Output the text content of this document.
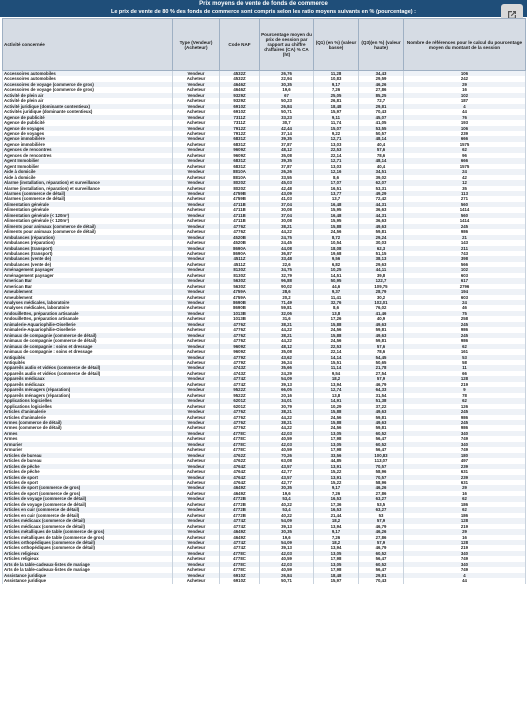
Prix moyens de vente de fonds de commerce
Le prix de vente de 80 % des fonds de commerce sont compris selon les ratio moyens suivants en % (pourcentage) :
Activité concernée	Type (Vendeur) (Acheteur)	Code NAF	Pourcentage moyen du prix de session par rapport au chiffre d'affaires (CA) % CA (ht)	(Q1) (en %) (valeur basse)	(Q3)(en %) (valeur haute)	Nombre de références pour le calcul du pourcentage moyen du montant de la session
Accessoires automobiles	Vendeur	4532Z	26,76	11,28	34,43	106
Accessoires automobiles	Acheteur	4532Z	22,94	10,83	29,59	242
Accessoires de voyage (commerce de gros)	Vendeur	4646Z	30,35	9,17	46,26	29
Accessoires de voyage (commerce de gros)	Acheteur	4646Z	19,6	7,26	27,86	16
Activité de plein air	Vendeur	9329Z	67	25,05	85,25	102
Activité de plein air	Acheteur	9329Z	50,23	26,81	72,7	187
Activité juridique (dominante contentieux)	Vendeur	6910Z	26,84	18,48	29,81	4
Activités juridique (dominante contentieux)	Acheteur	6910Z	50,71	15,97	70,43	44
Agence de publicité	Vendeur	7311Z	33,23	9,11	45,07	76
Agence de publicité	Acheteur	7311Z	30,7	11,74	41,05	193
Agence de voyages	Vendeur	7912Z	42,44	15,07	53,55	106
Agence de voyages	Acheteur	7912Z	37,14	9,22	50,57	239
Agence immobilière	Vendeur	6831Z	39,35	12,71	48,14	666
Agence immobilière	Acheteur	6831Z	37,87	13,03	40,4	1575
Agences de rencontres	Vendeur	9609Z	48,12	22,53	57,6	62
Agences de rencontres	Acheteur	9609Z	35,08	22,14	78,6	96
Agent Immobilier	Vendeur	6831Z	39,35	12,71	48,14	666
Agent Immobilier	Acheteur	6831Z	37,87	13,03	40,4	1575
Aide à domicile	Vendeur	8810A	26,26	12,16	34,51	24
Aide à domicile	Acheteur	8810A	33,55	8,6	39,02	42
Alarme (installation, réparation) et surveillance	Vendeur	8020Z	45,03	17,07	62,07	12
Alarme (installation, réparation) et surveillance	Acheteur	8020Z	42,48	16,51	53,31	35
Alarmes (commerce de détail)	Vendeur	4759B	43,09	13,77	49,29	113
Alarmes (commerce de détail)	Acheteur	4759B	41,03	13,7	72,42	271
Alimentation générale	Vendeur	4711B	37,04	16,48	44,31	560
Alimentation générale	Acheteur	4711B	30,08	15,95	36,63	1414
Alimentation générale (< 120m²)	Vendeur	4711B	37,04	16,48	44,31	560
Alimentation générale (< 120m²)	Acheteur	4711B	30,08	15,95	36,63	1414
Aliments pour animaux (commerce de détail)	Vendeur	4776Z	38,21	15,88	49,63	245
Aliments pour animaux (commerce de détail)	Acheteur	4776Z	44,22	24,56	59,81	986
Ambulances (réparation)	Vendeur	4520B	24,75	8,72	29,24	21
Ambulances (réparation)	Acheteur	4520B	24,45	10,54	30,03	143
Ambulances (transport)	Vendeur	8690A	44,08	18,08	62,3	211
Ambulances (transport)	Acheteur	8690A	36,87	19,68	51,15	743
Ambulances (vente de)	Vendeur	4511Z	33,48	9,56	38,13	398
Ambulances (vente de)	Acheteur	4511Z	22,6	6,82	29,63	566
Aménagement paysager	Vendeur	8130Z	34,75	10,25	44,11	102
Aménagement paysager	Acheteur	8130Z	32,79	14,51	39,8	603
American Bar	Vendeur	5630Z	96,88	50,95	122,7	617
American Bar	Acheteur	5630Z	90,02	44,6	109,75	2796
Ameublement	Vendeur	4759A	28,6	9,37	28,79	194
Ameublement	Acheteur	4759A	20,2	11,41	30,2	603
Analyses médicales, laboratoire	Vendeur	8690B	71,49	32,76	102,01	24
Analyses médicales, laboratoire	Acheteur	8690B	59,81	8,6	76,02	46
Andouillettes, préparation artisanale	Vendeur	1013B	32,06	13,8	41,46	75
Andouillettes, préparation artisanale	Acheteur	1013B	31,6	17,26	40,9	258
Animalerie-Aquariophilie-Oisellerie	Vendeur	4776Z	38,21	15,88	49,63	245
Animalerie-Aquariophilie-Oisellerie	Acheteur	4776Z	44,22	24,56	59,81	986
Animaux de compagnie (commerce de détail)	Vendeur	4776Z	38,21	15,88	49,63	245
Animaux de compagnie (commerce de détail)	Acheteur	4776Z	44,22	24,56	59,81	986
Animaux de compagnie : soins et dressage	Vendeur	9609Z	48,12	22,53	57,6	62
Animaux de compagnie : soins et dressage	Acheteur	9609Z	35,08	22,14	78,6	161
Antiquités	Vendeur	4779Z	43,62	14,14	54,45	53
Antiquités	Acheteur	4779Z	36,24	15,51	50,65	58
Appareils audio et vidéos (commerce de détail)	Vendeur	4743Z	35,66	11,14	21,78	11
Appareils audio et vidéos (commerce de détail)	Acheteur	4743Z	24,29	9,54	27,54	66
Appareils médicaux	Vendeur	4774Z	54,09	18,2	57,9	128
Appareils médicaux	Acheteur	4774Z	39,13	13,94	46,79	219
Appareils ménagers (réparation)	Vendeur	9522Z	66,05	12,74	64,33	9
Appareils ménagers (réparation)	Acheteur	9522Z	20,16	13,8	31,54	78
Applications logicielles	Vendeur	6201Z	34,01	14,91	51,38	62
Applications logicielles	Acheteur	6201Z	30,79	10,29	37,22	126
Articles d'animalerie	Vendeur	4776Z	38,21	15,88	49,63	245
Articles d'animalerie	Acheteur	4776Z	44,22	24,56	59,81	986
Armes (commerce de détail)	Vendeur	4776Z	38,21	15,88	49,63	245
Armes (commerce de détail)	Acheteur	4776Z	44,22	24,56	59,81	986
Armes	Vendeur	4778C	42,03	13,05	60,52	340
Armes	Acheteur	4778C	40,59	17,98	56,47	749
Armurier	Vendeur	4778C	42,03	13,05	60,52	340
Armurier	Acheteur	4778C	40,59	17,98	56,47	749
Articles de bureau	Vendeur	4762Z	70,26	33,56	100,83	180
Articles de bureau	Acheteur	4762Z	63,08	44,85	113,07	497
Articles de pêche	Vendeur	4764Z	43,57	13,91	70,57	239
Articles de pêche	Acheteur	4764Z	42,77	15,22	58,96	631
Articles de sport	Vendeur	4764Z	43,57	13,91	70,57	239
Articles de sport	Acheteur	4764Z	42,77	15,22	58,96	631
Articles de sport (commerce de gros)	Vendeur	4649Z	30,35	9,17	46,26	29
Articles de sport (commerce de gros)	Acheteur	4649Z	19,6	7,26	27,86	16
Articles de voyage (commerce de détail)	Vendeur	4772B	53,4	16,53	63,27	62
Articles de voyage (commerce de détail)	Acheteur	4772B	40,22	17,36	53,5	186
Articles en cuir (commerce de détail)	Vendeur	4772B	53,4	16,53	63,27	62
Articles en cuir (commerce de détail)	Acheteur	4772B	40,22	21,44	53	186
Articles médicaux (commerce de détail)	Vendeur	4774Z	54,09	18,2	57,9	128
Articles médicaux (commerce de détail)	Acheteur	4774Z	39,13	13,94	46,79	219
Articles métalliques de table (commerce de gros)	Vendeur	4649Z	30,35	9,17	46,26	29
Articles métalliques de table (commerce de gros)	Acheteur	4649Z	19,6	7,26	27,86	16
Articles orthopédiques (commerce de détail)	Vendeur	4774Z	54,09	18,2	57,9	128
Articles orthopédiques (commerce de détail)	Acheteur	4774Z	39,13	13,94	46,79	219
Articles religieux	Vendeur	4778C	42,03	13,05	60,52	340
Articles religieux	Acheteur	4778C	40,59	17,98	56,47	749
Arts de la table-cadeaux-listes de mariage	Vendeur	4778C	42,03	13,05	60,52	340
Arts de la table-cadeaux-listes de mariage	Acheteur	4778C	40,59	17,98	56,47	749
Assistance juridique	Vendeur	6910Z	26,84	18,48	29,81	4
Assistance juridique	Acheteur	6910Z	50,71	15,97	70,43	44
